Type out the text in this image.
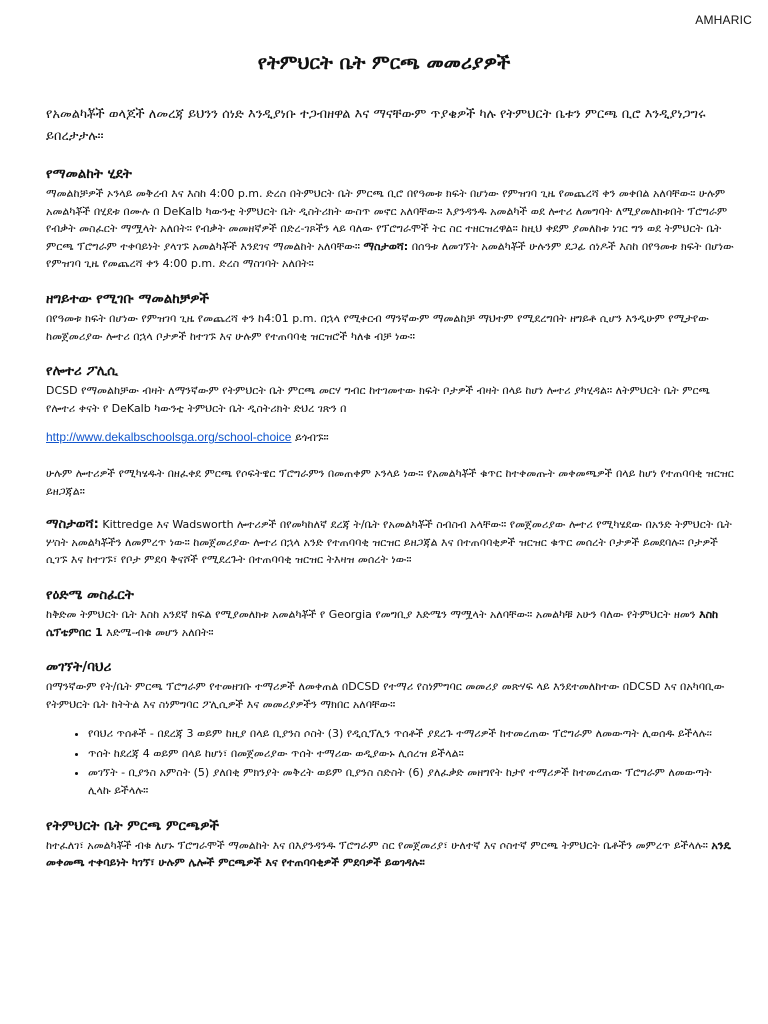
AMHARIC
የትምህርት ቤት ምርጫ መመሪያዎች

የአመልካቾች ወላጆች ለመረጃ ይህንን ሰነድ እንዲያነቡ ተጋብዘዋል እና ማናቸውም ጥያቄዎች ካሉ የትምህርት ቤቱን ምርጫ ቢሮ እንዲያነጋግሩ ይበረታታሉ።

የማመልከት ሂደት

ማመልከቻዎች ኦንላይ መቅረብ እና እስከ 4:00 p.m. ድረስ በትምህርት ቤት ምርጫ ቢሮ በየዓመቱ ክፍት በሆነው የምዝገባ ጊዜ የመጨረሻ ቀን መቀበል አለባቸው። ሁሉም አመልካቾች በሂደቱ በሙሉ በ DeKalb ካውንቲ ትምህርት ቤት ዲስትሪክት ውስጥ መኖር አለባቸው። እያንዳንዱ አመልካች ወደ ሎተሪ ለመግባት ለሚያመለክቱበት ፕሮግራም የብቃት መስፈርት ማሟላት አለበት። የብቃት መመዘኛዎች በድረ-ገጾችን ላይ ባለው የፕሮግራሞች ትር ስር ተዘርዝረዋል። ከዚህ ቀደም ያመለከቱ ነገር ግን ወደ ትምህርት ቤት ምርጫ ፕሮግራም ተቀባይነት ያላገኙ አመልካቾች እንደገና ማመልከት አለባቸው። ማስታወሻ: በሰዓቱ ለመገኘት አመልካቾች ሁሉንም ደጋፊ ሰነዶች እስከ በየዓመቱ ክፍት በሆነው የምዝገባ ጊዜ የመጨረሻ ቀን 4:00 p.m. ድረስ ማስገባት አለበት።

ዘግይተው የሚገቡ ማመልከቻዎች

በየዓመቱ ክፍት በሆነው የምዝገባ ጊዜ የመጨረሻ ቀን ከ4:01 p.m. በኋላ የሚቀርብ ማንኛውም ማመልከቻ ማህተም የሚደረግበት ዘግይቶ ሲሆን እንዲሁም የሚታየው ከመጀመሪያው ሎተሪ በኋላ ቦታዎች ከተገኙ እና ሁሉም የተጠባባቂ ዝርዝሮች ካለቁ ብቻ ነው።

የሎተሪ ፖሊሲ

DCSD የማመልከቻው ብዛት ለማንኛውም የትምህርት ቤት ምርጫ መርሃ ግብር ከተገመተው ክፍት ቦታዎች ብዛት በላይ ከሆነ ሎተሪ ያካሂዳል። ለትምህርት ቤት ምርጫ የሎተሪ ቀናት የ DeKalb ካውንቲ ትምህርት ቤት ዲስትሪክት ድህረ ገጽን በ

http://www.dekalbschoolsga.org/school-choice ይጎብኙ።

ሁሉም ሎተሪዎች የሚካሄዱት በዘፈቀደ ምርጫ የሶፍትዌር ፕሮግራምን በመጠቀም ኦንላይ ነው። የአመልካቾች ቁጥር ከተቀመጡት መቀመጫዎች በላይ ከሆነ የተጠባባቂ ዝርዝር ይዘጋጃል።

ማስታወሻ: Kittredge እና Wadsworth ሎተሪዎች በየመካከለኛ ደረጃ ት/ቤት የአመልካቾች ስብስብ አላቸው። የመጀመሪያው ሎተሪ የሚካሄደው በአንድ ትምህርት ቤት ሦስት አመልካቾችን ለመምረጥ ነው። ከመጀመሪያው ሎተሪ በኋላ አንድ የተጠባባቂ ዝርዝር ይዘጋጃል እና በተጠባባቂዎች ዝርዝር ቁጥር መሰረት ቦታዎች ይመደባሉ። ቦታዎች ሲገኙ እና ከተገኙ፣ የቦታ ምደባ ቅናሾች የሚደረጉት በተጠባባቂ ዝርዝር ትእዛዝ መሰረት ነው።

የዕድሜ መስፈርት

ከቅድመ ትምህርት ቤት እስከ አንደኛ ክፍል የሚያመለክቱ አመልካቾች የ Georgia የመግቢያ እድሜን ማሟላት አለባቸው። አመልካቹ አሁን ባለው የትምህርት ዘመን እስከ ሴፕቴምበር 1 እድሜ-ብቁ መሆን አለበት።

መገኘት/ባህሪ

በማንኛውም የት/ቤት ምርጫ ፕሮግራም የተመዘገቡ ተማሪዎች ለመቀጠል በDCSD የተማሪ የስነምግባር መመሪያ መጽሃፍ ላይ እንደተመለከተው በDCSD እና በአካባቢው የትምህርት ቤት ከትትል እና ስነምግባር ፖሊሲዎች እና መመሪያዎችን ማክበር አለባቸው።

• የባህሪ ጥሰቶች - በደረጃ 3 ወይም ከዚያ በላይ ቢያንስ ሶስት (3) የዲሲፕሊን ጥሰቶች ያደረጉ ተማሪዎች ከተመረጠው ፕሮግራም ለመውጣት ሊወሰዱ ይችላሉ፡፡
• ጥሰት ከደረጃ 4 ወይም በላይ ከሆነ፣ በመጀመሪያው ጥሰት ተማሪው ወዲያውኑ ሊሰረዝ ይችላል።
• መገኘት - ቢያንስ አምስት (5) ያለበቂ ምክንያት መቅረት ወይም ቢያንስ ስድስት (6) ያለፈቃድ መዘግየት ከታየ ተማሪዎች ከተመረጠው ፕሮግራም ለመውጣት ሊላኩ ይችላሉ።
የትምህርት ቤት ምርጫ ምርጫዎች

ከተፈለገ፣ አመልካቾች ብቁ ለሆኑ ፕሮግራሞች ማመልከት እና በእያንዳንዱ ፕሮግራም ስር የመጀመሪያ፣ ሁለተኛ እና ሶስተኛ ምርጫ ትምህርት ቤቶችን መምረጥ ይችላሉ። አንዴ መቀመጫ ተቀባይነት ካገኘ፣ ሁሉም ሌሎች ምርጫዎች እና የተጠባባቂዎች ምደባዎች ይወገዳሉ።
